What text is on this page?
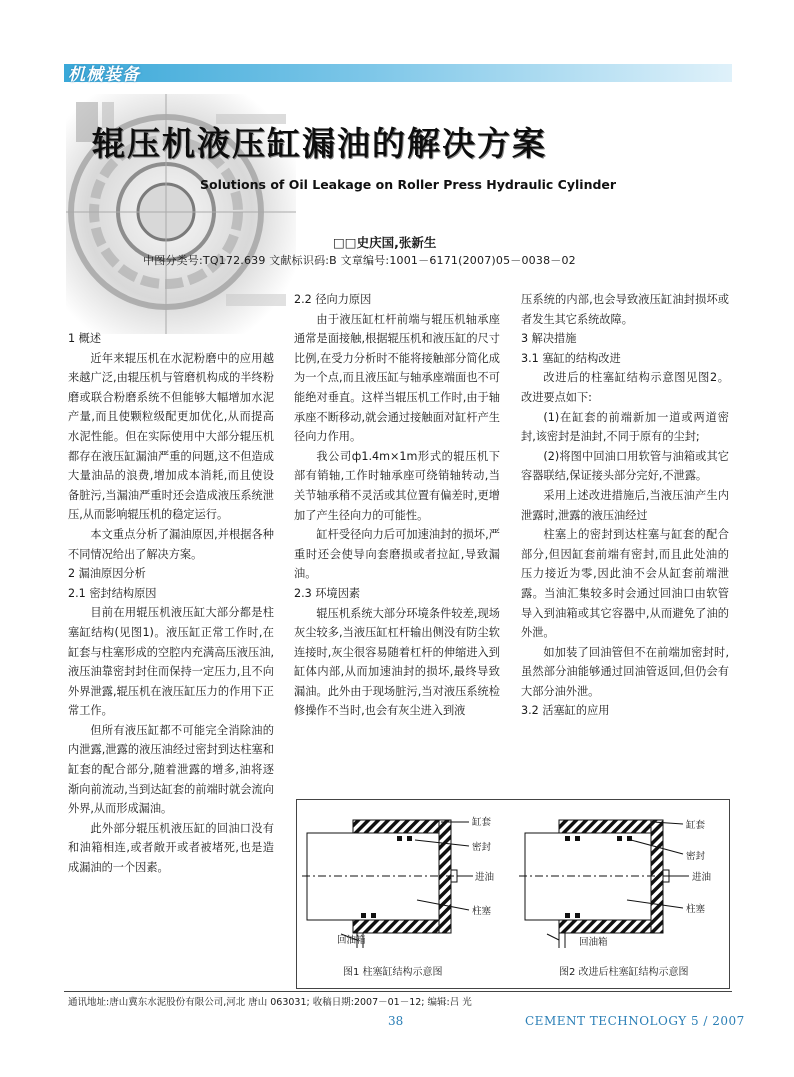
机械装备
辊压机液压缸漏油的解决方案
Solutions of Oil Leakage on Roller Press Hydraulic Cylinder
□□史庆国,张新生
中图分类号:TQ172.639 文献标识码:B 文章编号:1001－6171(2007)05－0038－02

1 概述

近年来辊压机在水泥粉磨中的应用越来越广泛,由辊压机与管磨机构成的半终粉磨或联合粉磨系统不但能够大幅增加水泥产量,而且使颗粒级配更加优化,从而提高水泥性能。但在实际使用中大部分辊压机都存在液压缸漏油严重的问题,这不但造成大量油品的浪费,增加成本消耗,而且使设备脏污,当漏油严重时还会造成液压系统泄压,从而影响辊压机的稳定运行。

本文重点分析了漏油原因,并根据各种不同情况给出了解决方案。

2 漏油原因分析

2.1 密封结构原因

目前在用辊压机液压缸大部分都是柱塞缸结构(见图1)。液压缸正常工作时,在缸套与柱塞形成的空腔内充满高压液压油,液压油靠密封封住而保持一定压力,且不向外界泄露,辊压机在液压缸压力的作用下正常工作。

但所有液压缸都不可能完全消除油的内泄露,泄露的液压油经过密封到达柱塞和缸套的配合部分,随着泄露的增多,油将逐渐向前流动,当到达缸套的前端时就会流向外界,从而形成漏油。

此外部分辊压机液压缸的回油口没有和油箱相连,或者敞开或者被堵死,也是造成漏油的一个因素。

2.2 径向力原因

由于液压缸杠杆前端与辊压机轴承座通常是面接触,根据辊压机和液压缸的尺寸比例,在受力分析时不能将接触部分简化成为一个点,而且液压缸与轴承座端面也不可能绝对垂直。这样当辊压机工作时,由于轴承座不断移动,就会通过接触面对缸杆产生径向力作用。

我公司ф1.4m×1m形式的辊压机下部有销轴,工作时轴承座可绕销轴转动,当关节轴承稍不灵活或其位置有偏差时,更增加了产生径向力的可能性。

缸杆受径向力后可加速油封的损坏,严重时还会使导向套磨损或者拉缸,导致漏油。

2.3 环境因素

辊压机系统大部分环境条件较差,现场灰尘较多,当液压缸杠杆输出侧没有防尘软连接时,灰尘很容易随着杠杆的伸缩进入到缸体内部,从而加速油封的损坏,最终导致漏油。此外由于现场脏污,当对液压系统检修操作不当时,也会有灰尘进入到液

压系统的内部,也会导致液压缸油封损坏或者发生其它系统故障。

3 解决措施

3.1 塞缸的结构改进

改进后的柱塞缸结构示意图见图2。改进要点如下:

(1)在缸套的前端新加一道或两道密封,该密封是油封,不同于原有的尘封;

(2)将图中回油口用软管与油箱或其它容器联结,保证接头部分完好,不泄露。

采用上述改进措施后,当液压油产生内泄露时,泄露的液压油经过

柱塞上的密封到达柱塞与缸套的配合部分,但因缸套前端有密封,而且此处油的压力接近为零,因此油不会从缸套前端泄露。当油汇集较多时会通过回油口由软管导入到油箱或其它容器中,从而避免了油的外泄。

如加装了回油管但不在前端加密封时,虽然部分油能够通过回油管返回,但仍会有大部分油外泄。

3.2 活塞缸的应用

缸套
密封
进油
柱塞
回油箱
缸套
密封
进油
柱塞
回油箱
图1 柱塞缸结构示意图	图2 改进后柱塞缸结构示意图
通讯地址:唐山冀东水泥股份有限公司,河北 唐山 063031; 收稿日期:2007－01－12; 编辑:吕 光
38	CEMENT TECHNOLOGY 5 / 2007
